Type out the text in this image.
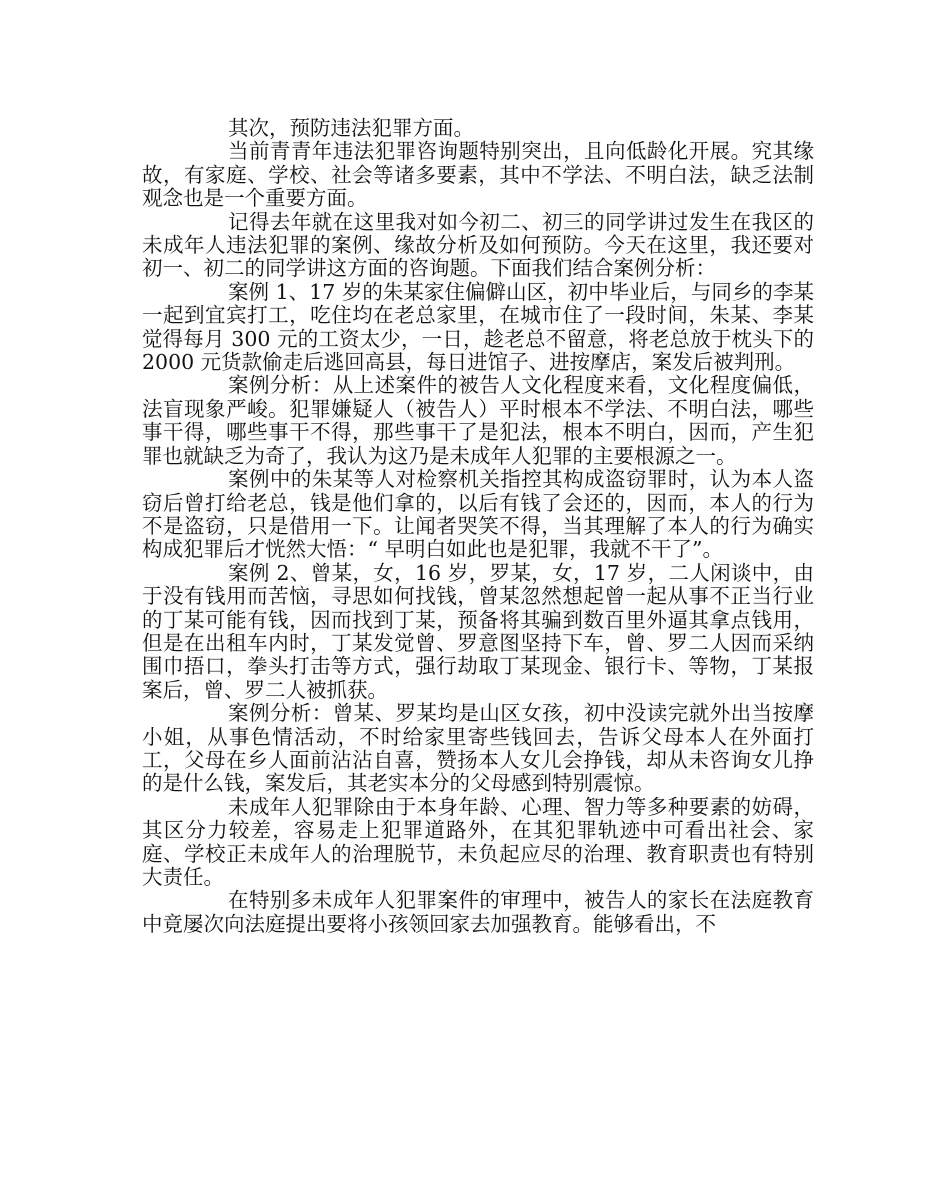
其次，预防违法犯罪方面。

当前青青年违法犯罪咨询题特别突出，且向低龄化开展。究其缘故，有家庭、学校、社会等诸多要素，其中不学法、不明白法，缺乏法制观念也是一个重要方面。

记得去年就在这里我对如今初二、初三的同学讲过发生在我区的未成年人违法犯罪的案例、缘故分析及如何预防。今天在这里，我还要对初一、初二的同学讲这方面的咨询题。下面我们结合案例分析：

案例 1、17 岁的朱某家住偏僻山区，初中毕业后，与同乡的李某一起到宜宾打工，吃住均在老总家里，在城市住了一段时间，朱某、李某觉得每月 300 元的工资太少，一日，趁老总不留意，将老总放于枕头下的 2000 元货款偷走后逃回高县，每日进馆子、进按摩店，案发后被判刑。

案例分析：从上述案件的被告人文化程度来看，文化程度偏低，法盲现象严峻。犯罪嫌疑人（被告人）平时根本不学法、不明白法，哪些事干得，哪些事干不得，那些事干了是犯法，根本不明白，因而，产生犯罪也就缺乏为奇了，我认为这乃是未成年人犯罪的主要根源之一。

案例中的朱某等人对检察机关指控其构成盗窃罪时，认为本人盗窃后曾打给老总，钱是他们拿的，以后有钱了会还的，因而，本人的行为不是盗窃，只是借用一下。让闻者哭笑不得，当其理解了本人的行为确实构成犯罪后才恍然大悟：“ 早明白如此也是犯罪，我就不干了”。

案例 2、曾某，女，16 岁，罗某，女，17 岁，二人闲谈中，由于没有钱用而苦恼，寻思如何找钱，曾某忽然想起曾一起从事不正当行业的丁某可能有钱，因而找到丁某，预备将其骗到数百里外逼其拿点钱用，但是在出租车内时，丁某发觉曾、罗意图坚持下车，曾、罗二人因而采纳围巾捂口，拳头打击等方式，强行劫取丁某现金、银行卡、等物，丁某报案后，曾、罗二人被抓获。

案例分析：曾某、罗某均是山区女孩，初中没读完就外出当按摩小姐，从事色情活动，不时给家里寄些钱回去，告诉父母本人在外面打工，父母在乡人面前沾沾自喜，赞扬本人女儿会挣钱，却从未咨询女儿挣的是什么钱，案发后，其老实本分的父母感到特别震惊。

未成年人犯罪除由于本身年龄、心理、智力等多种要素的妨碍，其区分力较差，容易走上犯罪道路外，在其犯罪轨迹中可看出社会、家庭、学校正未成年人的治理脱节，未负起应尽的治理、教育职责也有特别大责任。

在特别多未成年人犯罪案件的审理中，被告人的家长在法庭教育中竟屡次向法庭提出要将小孩领回家去加强教育。能够看出，不
